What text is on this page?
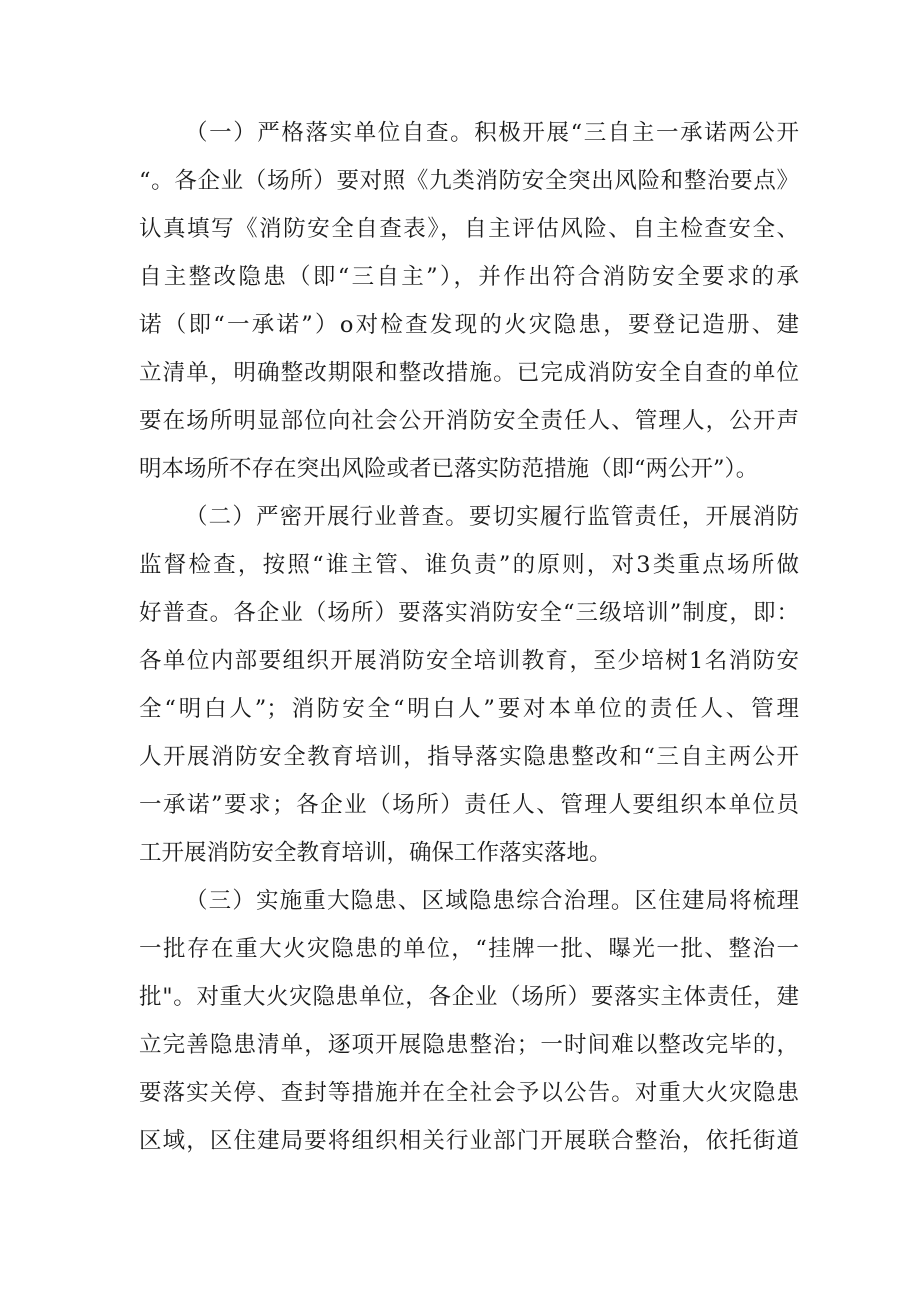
（一）严格落实单位自查。积极开展“三自主一承诺两公开
“。各企业（场所）要对照《九类消防安全突出风险和整治要点》
认真填写《消防安全自查表》，自主评估风险、自主检查安全、
自主整改隐患（即“三自主”），并作出符合消防安全要求的承
诺（即“一承诺”）o对检查发现的火灾隐患，要登记造册、建
立清单，明确整改期限和整改措施。已完成消防安全自查的单位
要在场所明显部位向社会公开消防安全责任人、管理人，公开声
明本场所不存在突出风险或者已落实防范措施（即“两公开”）。
（二）严密开展行业普查。要切实履行监管责任，开展消防
监督检查，按照“谁主管、谁负责”的原则，对3类重点场所做
好普查。各企业（场所）要落实消防安全“三级培训”制度，即：
各单位内部要组织开展消防安全培训教育，至少培树1名消防安
全“明白人”；消防安全“明白人”要对本单位的责任人、管理
人开展消防安全教育培训，指导落实隐患整改和“三自主两公开
一承诺”要求；各企业（场所）责任人、管理人要组织本单位员
工开展消防安全教育培训，确保工作落实落地。
（三）实施重大隐患、区域隐患综合治理。区住建局将梳理
一批存在重大火灾隐患的单位，“挂牌一批、曝光一批、整治一
批"。对重大火灾隐患单位，各企业（场所）要落实主体责任，建
立完善隐患清单，逐项开展隐患整治；一时间难以整改完毕的，
要落实关停、查封等措施并在全社会予以公告。对重大火灾隐患
区域，区住建局要将组织相关行业部门开展联合整治，依托街道
